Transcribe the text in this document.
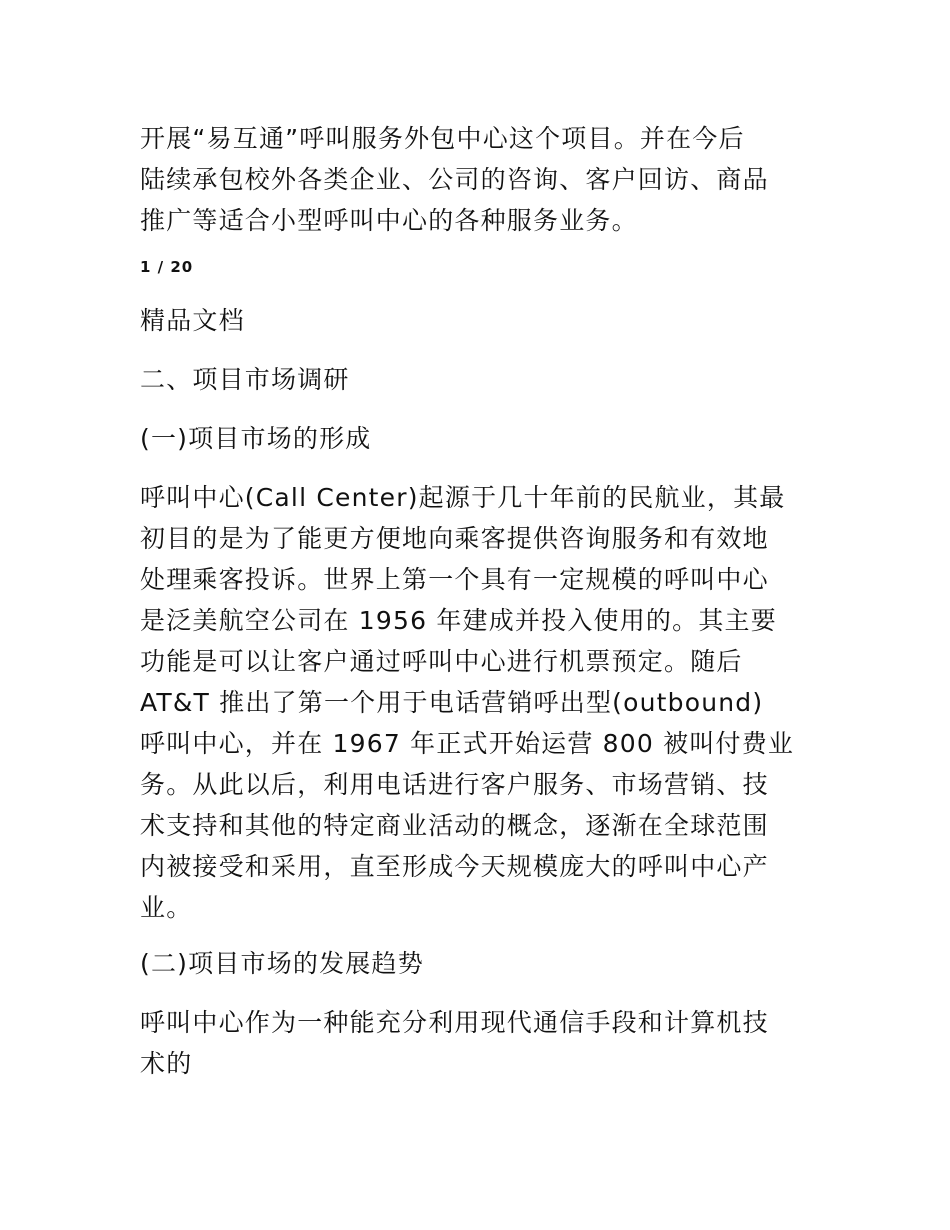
开展“易互通”呼叫服务外包中心这个项目。并在今后
陆续承包校外各类企业、公司的咨询、客户回访、商品
推广等适合小型呼叫中心的各种服务业务。

1 / 20

精品文档

二、项目市场调研

(一)项目市场的形成

呼叫中心(Call Center)起源于几十年前的民航业，其最
初目的是为了能更方便地向乘客提供咨询服务和有效地
处理乘客投诉。世界上第一个具有一定规模的呼叫中心
是泛美航空公司在 1956 年建成并投入使用的。其主要
功能是可以让客户通过呼叫中心进行机票预定。随后
AT&T 推出了第一个用于电话营销呼出型(outbound)
呼叫中心，并在 1967 年正式开始运营 800 被叫付费业
务。从此以后，利用电话进行客户服务、市场营销、技
术支持和其他的特定商业活动的概念，逐渐在全球范围
内被接受和采用，直至形成今天规模庞大的呼叫中心产
业。

(二)项目市场的发展趋势

呼叫中心作为一种能充分利用现代通信手段和计算机技
术的
